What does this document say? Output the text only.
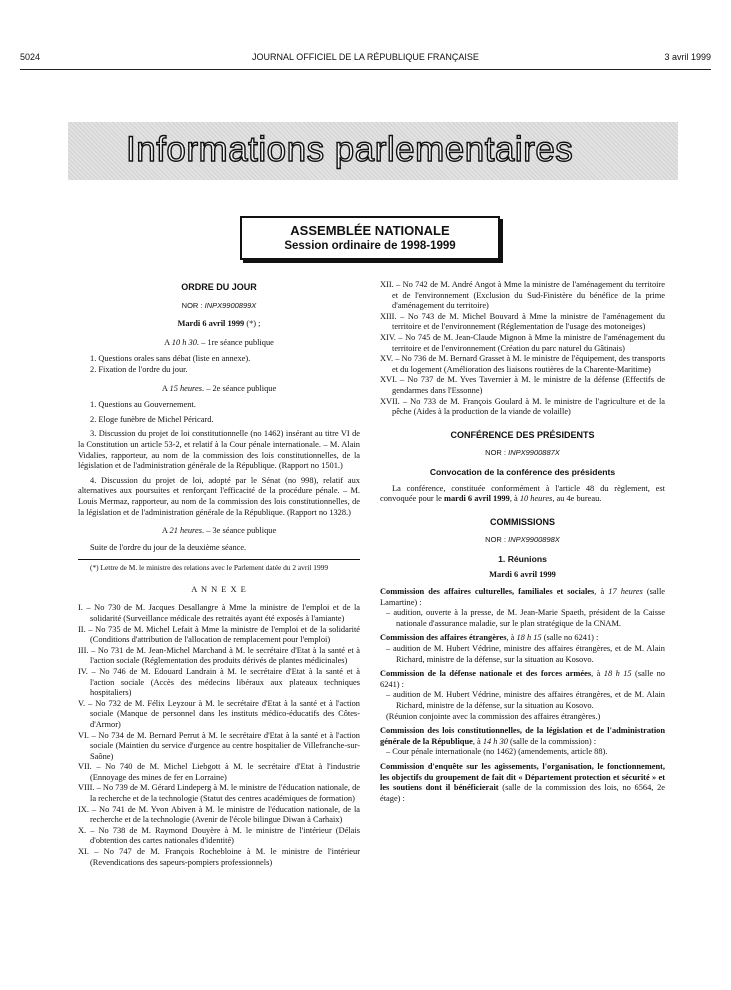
5024	JOURNAL OFFICIEL DE LA RÉPUBLIQUE FRANÇAISE	3 avril 1999
Informations parlementaires
ASSEMBLÉE NATIONALE
Session ordinaire de 1998-1999
ORDRE DU JOUR
NOR : INPX9900899X
Mardi 6 avril 1999 (*) ;
A 10 h 30. – 1re séance publique

1. Questions orales sans débat (liste en annexe).

2. Fixation de l'ordre du jour.

A 15 heures. – 2e séance publique

1. Questions au Gouvernement.

2. Eloge funèbre de Michel Péricard.

3. Discussion du projet de loi constitutionnelle (no 1462) insérant au titre VI de la Constitution un article 53-2, et relatif à la Cour pénale internationale. – M. Alain Vidalies, rapporteur, au nom de la commission des lois constitutionnelles, de la législation et de l'administration générale de la République. (Rapport no 1501.)

4. Discussion du projet de loi, adopté par le Sénat (no 998), relatif aux alternatives aux poursuites et renforçant l'efficacité de la procédure pénale. – M. Louis Mermaz, rapporteur, au nom de la commission des lois constitutionnelles, de la législation et de l'administration générale de la République. (Rapport no 1328.)

A 21 heures. – 3e séance publique

Suite de l'ordre du jour de la deuxième séance.

(*) Lettre de M. le ministre des relations avec le Parlement datée du 2 avril 1999

A N N E X E

I. – No 730 de M. Jacques Desallangre à Mme la ministre de l'emploi et de la solidarité (Surveillance médicale des retraités ayant été exposés à l'amiante)

II. – No 735 de M. Michel Lefait à Mme la ministre de l'emploi et de la solidarité (Conditions d'attribution de l'allocation de remplacement pour l'emploi)

III. – No 731 de M. Jean-Michel Marchand à M. le secrétaire d'Etat à la santé et à l'action sociale (Réglementation des produits dérivés de plantes médicinales)

IV. – No 746 de M. Edouard Landrain à M. le secrétaire d'Etat à la santé et à l'action sociale (Accès des médecins libéraux aux plateaux techniques hospitaliers)

V. – No 732 de M. Félix Leyzour à M. le secrétaire d'Etat à la santé et à l'action sociale (Manque de personnel dans les instituts médico-éducatifs des Côtes-d'Armor)

VI. – No 734 de M. Bernard Perrut à M. le secrétaire d'Etat à la santé et à l'action sociale (Maintien du service d'urgence au centre hospitalier de Villefranche-sur-Saône)

VII. – No 740 de M. Michel Liebgott à M. le secrétaire d'Etat à l'industrie (Ennoyage des mines de fer en Lorraine)

VIII. – No 739 de M. Gérard Lindeperg à M. le ministre de l'éducation nationale, de la recherche et de la technologie (Statut des centres académiques de formation)

IX. – No 741 de M. Yvon Abiven à M. le ministre de l'éducation nationale, de la recherche et de la technologie (Avenir de l'école bilingue Diwan à Carhaix)

X. – No 738 de M. Raymond Douyère à M. le ministre de l'intérieur (Délais d'obtention des cartes nationales d'identité)

XI. – No 747 de M. François Rochebloine à M. le ministre de l'intérieur (Revendications des sapeurs-pompiers professionnels)

XII. – No 742 de M. André Angot à Mme la ministre de l'aménagement du territoire et de l'environnement (Exclusion du Sud-Finistère du bénéfice de la prime d'aménagement du territoire)

XIII. – No 743 de M. Michel Bouvard à Mme la ministre de l'aménagement du territoire et de l'environnement (Réglementation de l'usage des motoneiges)

XIV. – No 745 de M. Jean-Claude Mignon à Mme la ministre de l'aménagement du territoire et de l'environnement (Création du parc naturel du Gâtinais)

XV. – No 736 de M. Bernard Grasset à M. le ministre de l'équipement, des transports et du logement (Amélioration des liaisons routières de la Charente-Maritime)

XVI. – No 737 de M. Yves Tavernier à M. le ministre de la défense (Effectifs de gendarmes dans l'Essonne)

XVII. – No 733 de M. François Goulard à M. le ministre de l'agriculture et de la pêche (Aides à la production de la viande de volaille)

CONFÉRENCE DES PRÉSIDENTS
NOR : INPX9900887X
Convocation de la conférence des présidents

La conférence, constituée conformément à l'article 48 du règlement, est convoquée pour le mardi 6 avril 1999, à 10 heures, au 4e bureau.

COMMISSIONS
NOR : INPX9900898X
1. Réunions
Mardi 6 avril 1999

Commission des affaires culturelles, familiales et sociales, à 17 heures (salle Lamartine) :

– audition, ouverte à la presse, de M. Jean-Marie Spaeth, président de la Caisse nationale d'assurance maladie, sur le plan stratégique de la CNAM.

Commission des affaires étrangères, à 18 h 15 (salle no 6241) :

– audition de M. Hubert Védrine, ministre des affaires étrangères, et de M. Alain Richard, ministre de la défense, sur la situation au Kosovo.

Commission de la défense nationale et des forces armées, à 18 h 15 (salle no 6241) :

– audition de M. Hubert Védrine, ministre des affaires étrangères, et de M. Alain Richard, ministre de la défense, sur la situation au Kosovo.

(Réunion conjointe avec la commission des affaires étrangères.)

Commission des lois constitutionnelles, de la législation et de l'administration générale de la République, à 14 h 30 (salle de la commission) :

– Cour pénale internationale (no 1462) (amendements, article 88).

Commission d'enquête sur les agissements, l'organisation, le fonctionnement, les objectifs du groupement de fait dit « Département protection et sécurité » et les soutiens dont il bénéficierait (salle de la commission des lois, no 6564, 2e étage) :
